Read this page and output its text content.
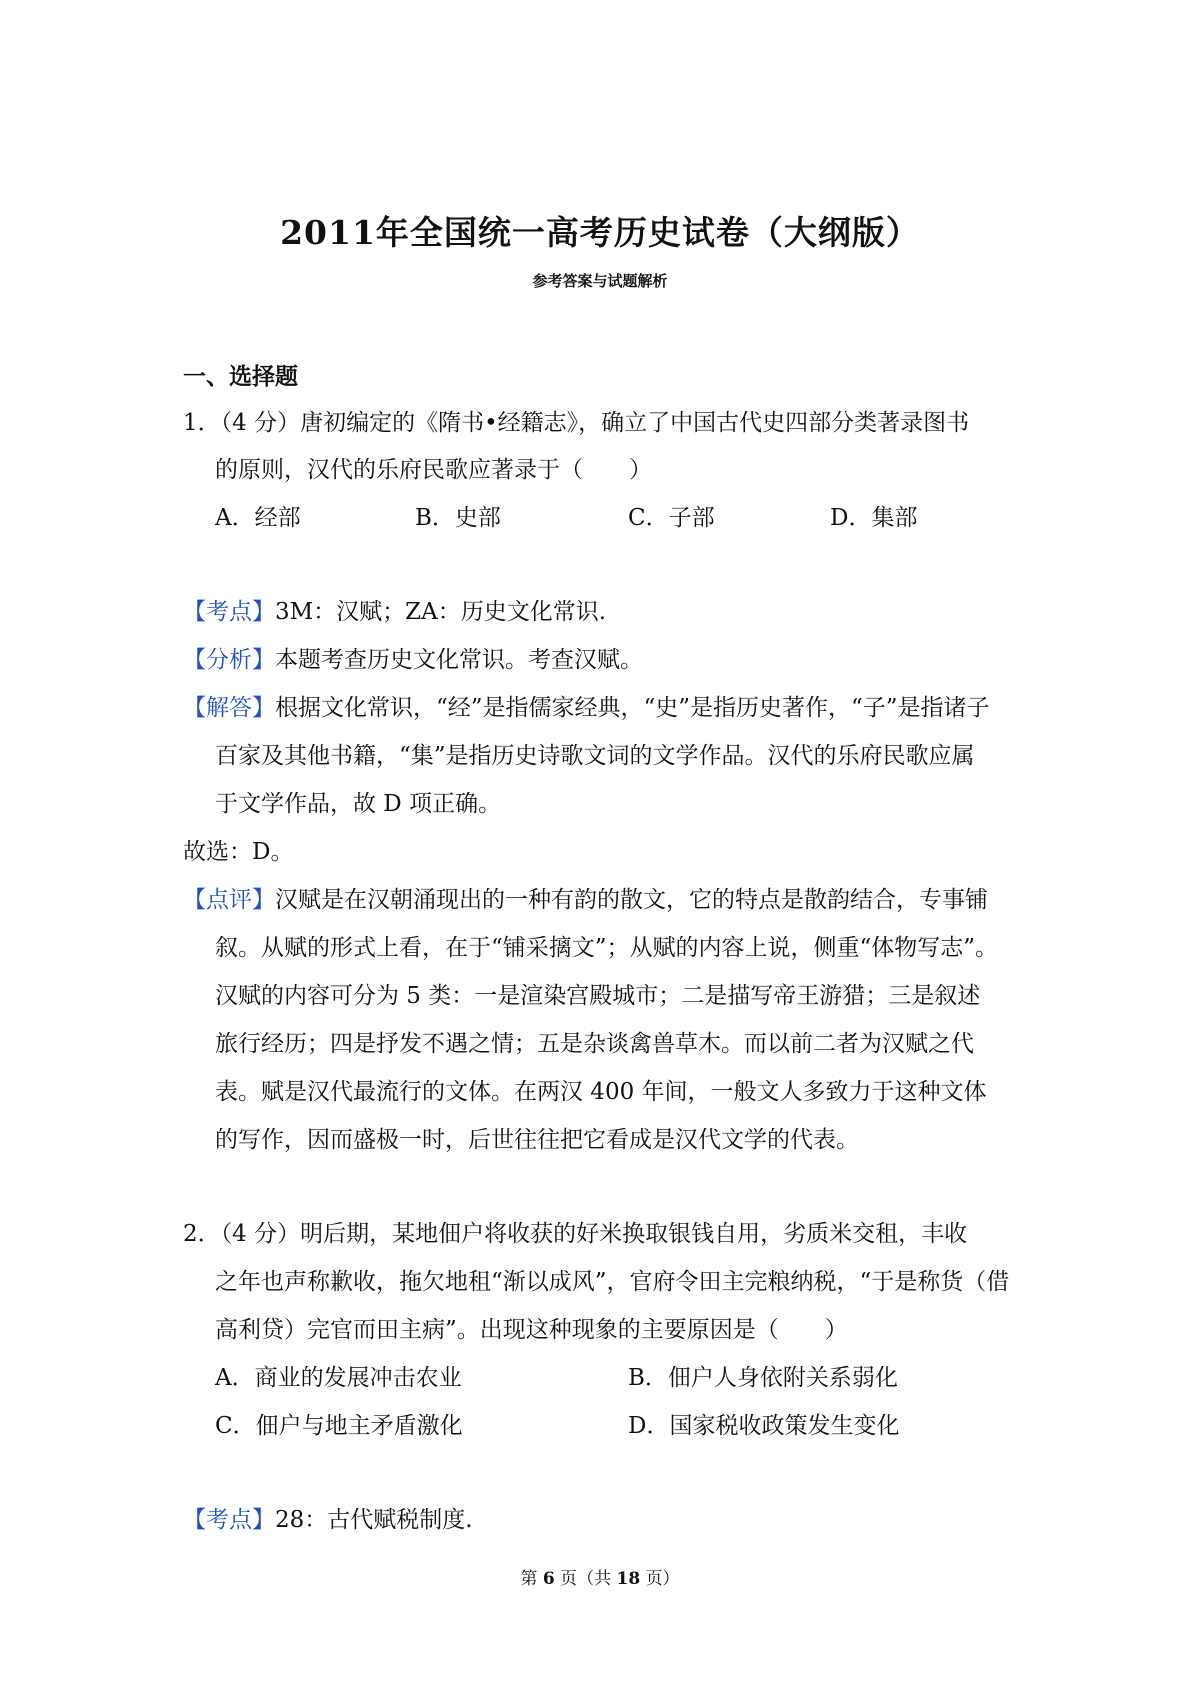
2011年全国统一高考历史试卷（大纲版）
参考答案与试题解析
一、选择题
1．（4 分）唐初编定的《隋书•经籍志》，确立了中国古代史四部分类著录图书
的原则，汉代的乐府民歌应著录于（　　）
A．经部	B．史部	C．子部	D．集部
【考点】3M：汉赋；ZA：历史文化常识.
【分析】本题考查历史文化常识。考查汉赋。
【解答】根据文化常识，“经”是指儒家经典，“史”是指历史著作，“子”是指诸子
百家及其他书籍，“集”是指历史诗歌文词的文学作品。汉代的乐府民歌应属
于文学作品，故 D 项正确。
故选：D。
【点评】汉赋是在汉朝涌现出的一种有韵的散文，它的特点是散韵结合，专事铺
叙。从赋的形式上看，在于“铺采摛文”；从赋的内容上说，侧重“体物写志”。
汉赋的内容可分为 5 类：一是渲染宫殿城市；二是描写帝王游猎；三是叙述
旅行经历；四是抒发不遇之情；五是杂谈禽兽草木。而以前二者为汉赋之代
表。赋是汉代最流行的文体。在两汉 400 年间，一般文人多致力于这种文体
的写作，因而盛极一时，后世往往把它看成是汉代文学的代表。
2．（4 分）明后期，某地佃户将收获的好米换取银钱自用，劣质米交租，丰收
之年也声称歉收，拖欠地租“渐以成风”，官府令田主完粮纳税，“于是称货（借
高利贷）完官而田主病”。出现这种现象的主要原因是（　　）
A．商业的发展冲击农业	B．佃户人身依附关系弱化
C．佃户与地主矛盾激化	D．国家税收政策发生变化
【考点】28：古代赋税制度.
第 6 页（共 18 页）
